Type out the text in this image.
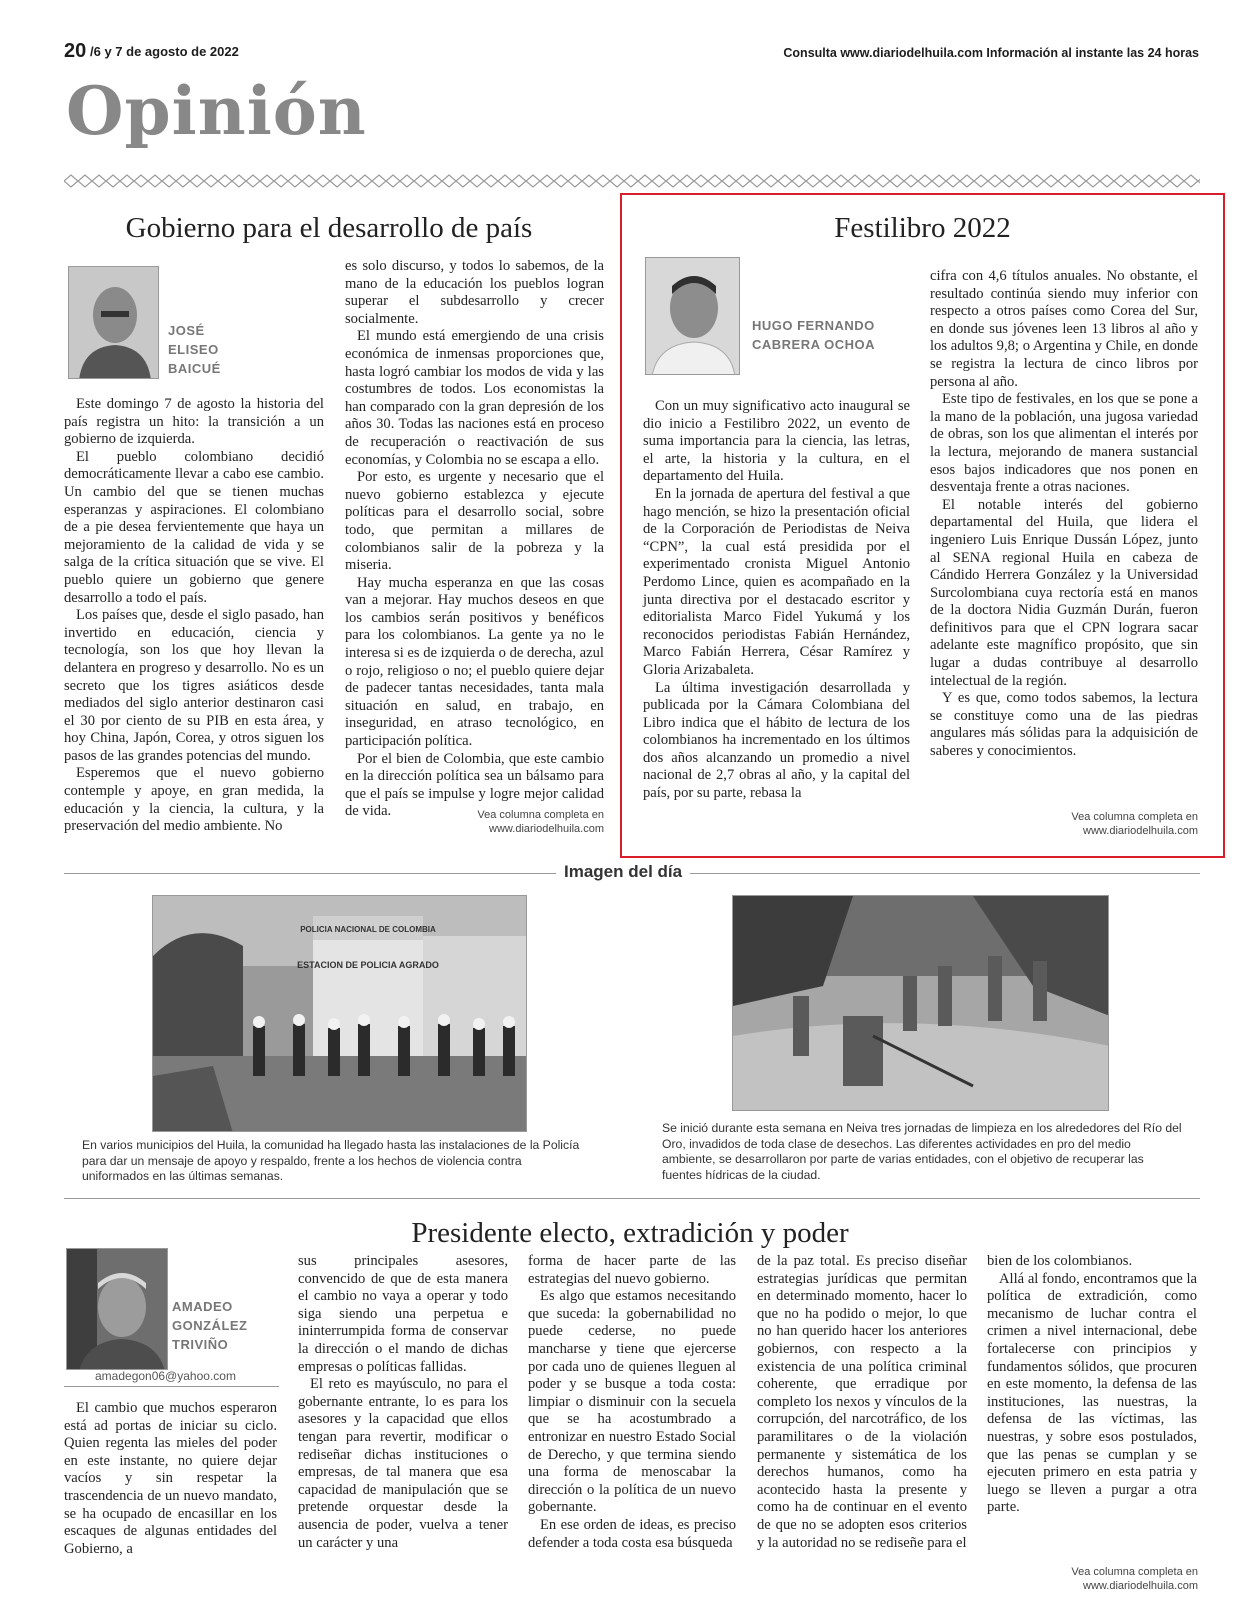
20 /6 y 7 de agosto de 2022	Consulta www.diariodelhuila.com Información al instante las 24 horas
Opinión
Gobierno para el desarrollo de país
JOSÉ
ELISEO
BAICUÉ

Este domingo 7 de agosto la historia del país registra un hito: la transición a un gobierno de izquierda.

El pueblo colombiano decidió democráticamente llevar a cabo ese cambio. Un cambio del que se tienen muchas esperanzas y aspiraciones. El colombiano de a pie desea fervientemente que haya un mejoramiento de la calidad de vida y se salga de la crítica situación que se vive. El pueblo quiere un gobierno que genere desarrollo a todo el país.

Los países que, desde el siglo pasado, han invertido en educación, ciencia y tecnología, son los que hoy llevan la delantera en progreso y desarrollo. No es un secreto que los tigres asiáticos desde mediados del siglo anterior destinaron casi el 30 por ciento de su PIB en esta área, y hoy China, Japón, Corea, y otros siguen los pasos de las grandes potencias del mundo.

Esperemos que el nuevo gobierno contemple y apoye, en gran medida, la educación y la ciencia, la cultura, y la preservación del medio ambiente. No

es solo discurso, y todos lo sabemos, de la mano de la educación los pueblos logran superar el subdesarrollo y crecer socialmente.

El mundo está emergiendo de una crisis económica de inmensas proporciones que, hasta logró cambiar los modos de vida y las costumbres de todos. Los economistas la han comparado con la gran depresión de los años 30. Todas las naciones está en proceso de recuperación o reactivación de sus economías, y Colombia no se escapa a ello.

Por esto, es urgente y necesario que el nuevo gobierno establezca y ejecute políticas para el desarrollo social, sobre todo, que permitan a millares de colombianos salir de la pobreza y la miseria.

Hay mucha esperanza en que las cosas van a mejorar. Hay muchos deseos en que los cambios serán positivos y benéficos para los colombianos. La gente ya no le interesa si es de izquierda o de derecha, azul o rojo, religioso o no; el pueblo quiere dejar de padecer tantas necesidades, tanta mala situación en salud, en trabajo, en inseguridad, en atraso tecnológico, en participación política.

Por el bien de Colombia, que este cambio en la dirección política sea un bálsamo para que el país se impulse y logre mejor calidad de vida.	Vea columna completa en
www.diariodelhuila.com
Festilibro 2022
HUGO FERNANDO
CABRERA OCHOA

Con un muy significativo acto inaugural se dio inicio a Festilibro 2022, un evento de suma importancia para la ciencia, las letras, el arte, la historia y la cultura, en el departamento del Huila.

En la jornada de apertura del festival a que hago mención, se hizo la presentación oficial de la Corporación de Periodistas de Neiva “CPN”, la cual está presidida por el experimentado cronista Miguel Antonio Perdomo Lince, quien es acompañado en la junta directiva por el destacado escritor y editorialista Marco Fidel Yukumá y los reconocidos periodistas Fabián Hernández, Marco Fabián Herrera, César Ramírez y Gloria Arizabaleta.

La última investigación desarrollada y publicada por la Cámara Colombiana del Libro indica que el hábito de lectura de los colombianos ha incrementado en los últimos dos años alcanzando un promedio a nivel nacional de 2,7 obras al año, y la capital del país, por su parte, rebasa la

cifra con 4,6 títulos anuales. No obstante, el resultado continúa siendo muy inferior con respecto a otros países como Corea del Sur, en donde sus jóvenes leen 13 libros al año y los adultos 9,8; o Argentina y Chile, en donde se registra la lectura de cinco libros por persona al año.

Este tipo de festivales, en los que se pone a la mano de la población, una jugosa variedad de obras, son los que alimentan el interés por la lectura, mejorando de manera sustancial esos bajos indicadores que nos ponen en desventaja frente a otras naciones.

El notable interés del gobierno departamental del Huila, que lidera el ingeniero Luis Enrique Dussán López, junto al SENA regional Huila en cabeza de Cándido Herrera González y la Universidad Surcolombiana cuya rectoría está en manos de la doctora Nidia Guzmán Durán, fueron definitivos para que el CPN lograra sacar adelante este magnífico propósito, que sin lugar a dudas contribuye al desarrollo intelectual de la región.

Y es que, como todos sabemos, la lectura se constituye como una de las piedras angulares más sólidas para la adquisición de saberes y conocimientos.

Vea columna completa en
www.diariodelhuila.com
Imagen del día
POLICIA NACIONAL DE COLOMBIA
ESTACION DE POLICIA AGRADO
En varios municipios del Huila, la comunidad ha llegado hasta las instalaciones de la Policía para dar un mensaje de apoyo y respaldo, frente a los hechos de violencia contra uniformados en las últimas semanas.
Se inició durante esta semana en Neiva tres jornadas de limpieza en los alrededores del Río del Oro, invadidos de toda clase de desechos. Las diferentes actividades en pro del medio ambiente, se desarrollaron por parte de varias entidades, con el objetivo de recuperar las fuentes hídricas de la ciudad.
Presidente electo, extradición y poder
AMADEO
GONZÁLEZ
TRIVIÑO
amadegon06@yahoo.com

El cambio que muchos esperaron está ad portas de iniciar su ciclo. Quien regenta las mieles del poder en este instante, no quiere dejar vacíos y sin respetar la trascendencia de un nuevo mandato, se ha ocupado de encasillar en los escaques de algunas entidades del Gobierno, a

sus principales asesores, convencido de que de esta manera el cambio no vaya a operar y todo siga siendo una perpetua e ininterrumpida forma de conservar la dirección o el mando de dichas empresas o políticas fallidas.

El reto es mayúsculo, no para el gobernante entrante, lo es para los asesores y la capacidad que ellos tengan para revertir, modificar o rediseñar dichas instituciones o empresas, de tal manera que esa capacidad de manipulación que se pretende orquestar desde la ausencia de poder, vuelva a tener un carácter y una

forma de hacer parte de las estrategias del nuevo gobierno.

Es algo que estamos necesitando que suceda: la gobernabilidad no puede cederse, no puede mancharse y tiene que ejercerse por cada uno de quienes lleguen al poder y se busque a toda costa: limpiar o disminuir con la secuela que se ha acostumbrado a entronizar en nuestro Estado Social de Derecho, y que termina siendo una forma de menoscabar la dirección o la política de un nuevo gobernante.

En ese orden de ideas, es preciso defender a toda costa esa búsqueda

de la paz total. Es preciso diseñar estrategias jurídicas que permitan en determinado momento, hacer lo que no ha podido o mejor, lo que no han querido hacer los anteriores gobiernos, con respecto a la existencia de una política criminal coherente, que erradique por completo los nexos y vínculos de la corrupción, del narcotráfico, de los paramilitares o de la violación permanente y sistemática de los derechos humanos, como ha acontecido hasta la presente y como ha de continuar en el evento de que no se adopten esos criterios y la autoridad no se rediseñe para el

bien de los colombianos.

Allá al fondo, encontramos que la política de extradición, como mecanismo de luchar contra el crimen a nivel internacional, debe fortalecerse con principios y fundamentos sólidos, que procuren en este momento, la defensa de las instituciones, las nuestras, la defensa de las víctimas, las nuestras, y sobre esos postulados, que las penas se cumplan y se ejecuten primero en esta patria y luego se lleven a purgar a otra parte.

Vea columna completa en
www.diariodelhuila.com
